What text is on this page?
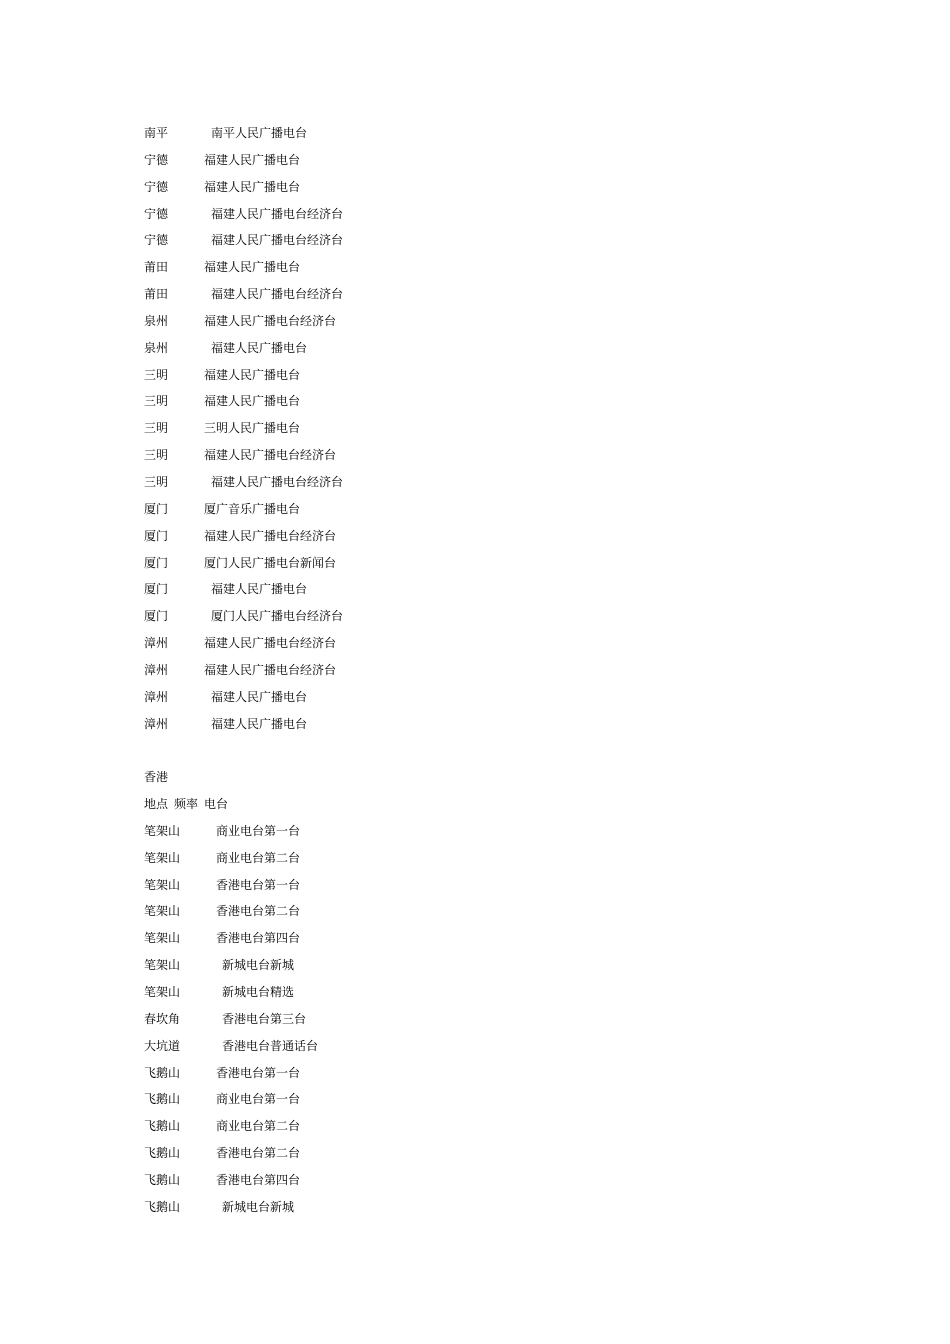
南平	南平人民广播电台
宁德	福建人民广播电台
宁德	福建人民广播电台
宁德	福建人民广播电台经济台
宁德	福建人民广播电台经济台
莆田	福建人民广播电台
莆田	福建人民广播电台经济台
泉州	福建人民广播电台经济台
泉州	福建人民广播电台
三明	福建人民广播电台
三明	福建人民广播电台
三明	三明人民广播电台
三明	福建人民广播电台经济台
三明	福建人民广播电台经济台
厦门	厦广音乐广播电台
厦门	福建人民广播电台经济台
厦门	厦门人民广播电台新闻台
厦门	福建人民广播电台
厦门	厦门人民广播电台经济台
漳州	福建人民广播电台经济台
漳州	福建人民广播电台经济台
漳州	福建人民广播电台
漳州	福建人民广播电台
香港
地点 频率 电台
笔架山	商业电台第一台
笔架山	商业电台第二台
笔架山	香港电台第一台
笔架山	香港电台第二台
笔架山	香港电台第四台
笔架山	新城电台新城
笔架山	新城电台精选
春坎角	香港电台第三台
大坑道	香港电台普通话台
飞鹅山	香港电台第一台
飞鹅山	商业电台第一台
飞鹅山	商业电台第二台
飞鹅山	香港电台第二台
飞鹅山	香港电台第四台
飞鹅山	新城电台新城
